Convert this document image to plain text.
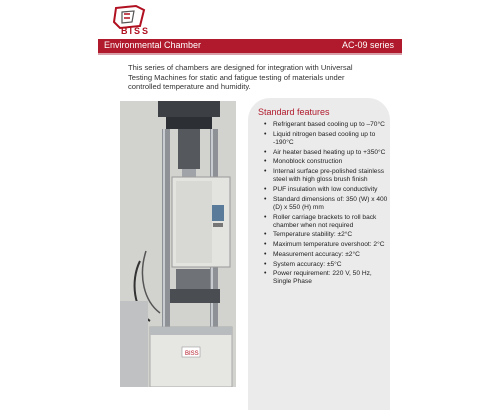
BISS
Environmental Chamber	AC-09 series
This series of chambers are designed for integration with Universal Testing Machines for static and fatigue testing of materials under controlled temperature and humidity.
BISS
Standard features
• Refrigerant based cooling up to –70°C
• Liquid nitrogen based cooling up to -190°C
• Air heater based heating up to +350°C
• Monoblock construction
• Internal surface pre-polished stainless steel with high gloss brush finish
• PUF insulation with low conductivity
• Standard dimensions of: 350 (W) x 400 (D) x 550 (H) mm
• Roller carriage brackets to roll back chamber when not required
• Temperature stability: ±2°C
• Maximum temperature overshoot: 2°C
• Measurement accuracy: ±2°C
• System accuracy: ±5°C
• Power requirement: 220 V, 50 Hz, Single Phase
